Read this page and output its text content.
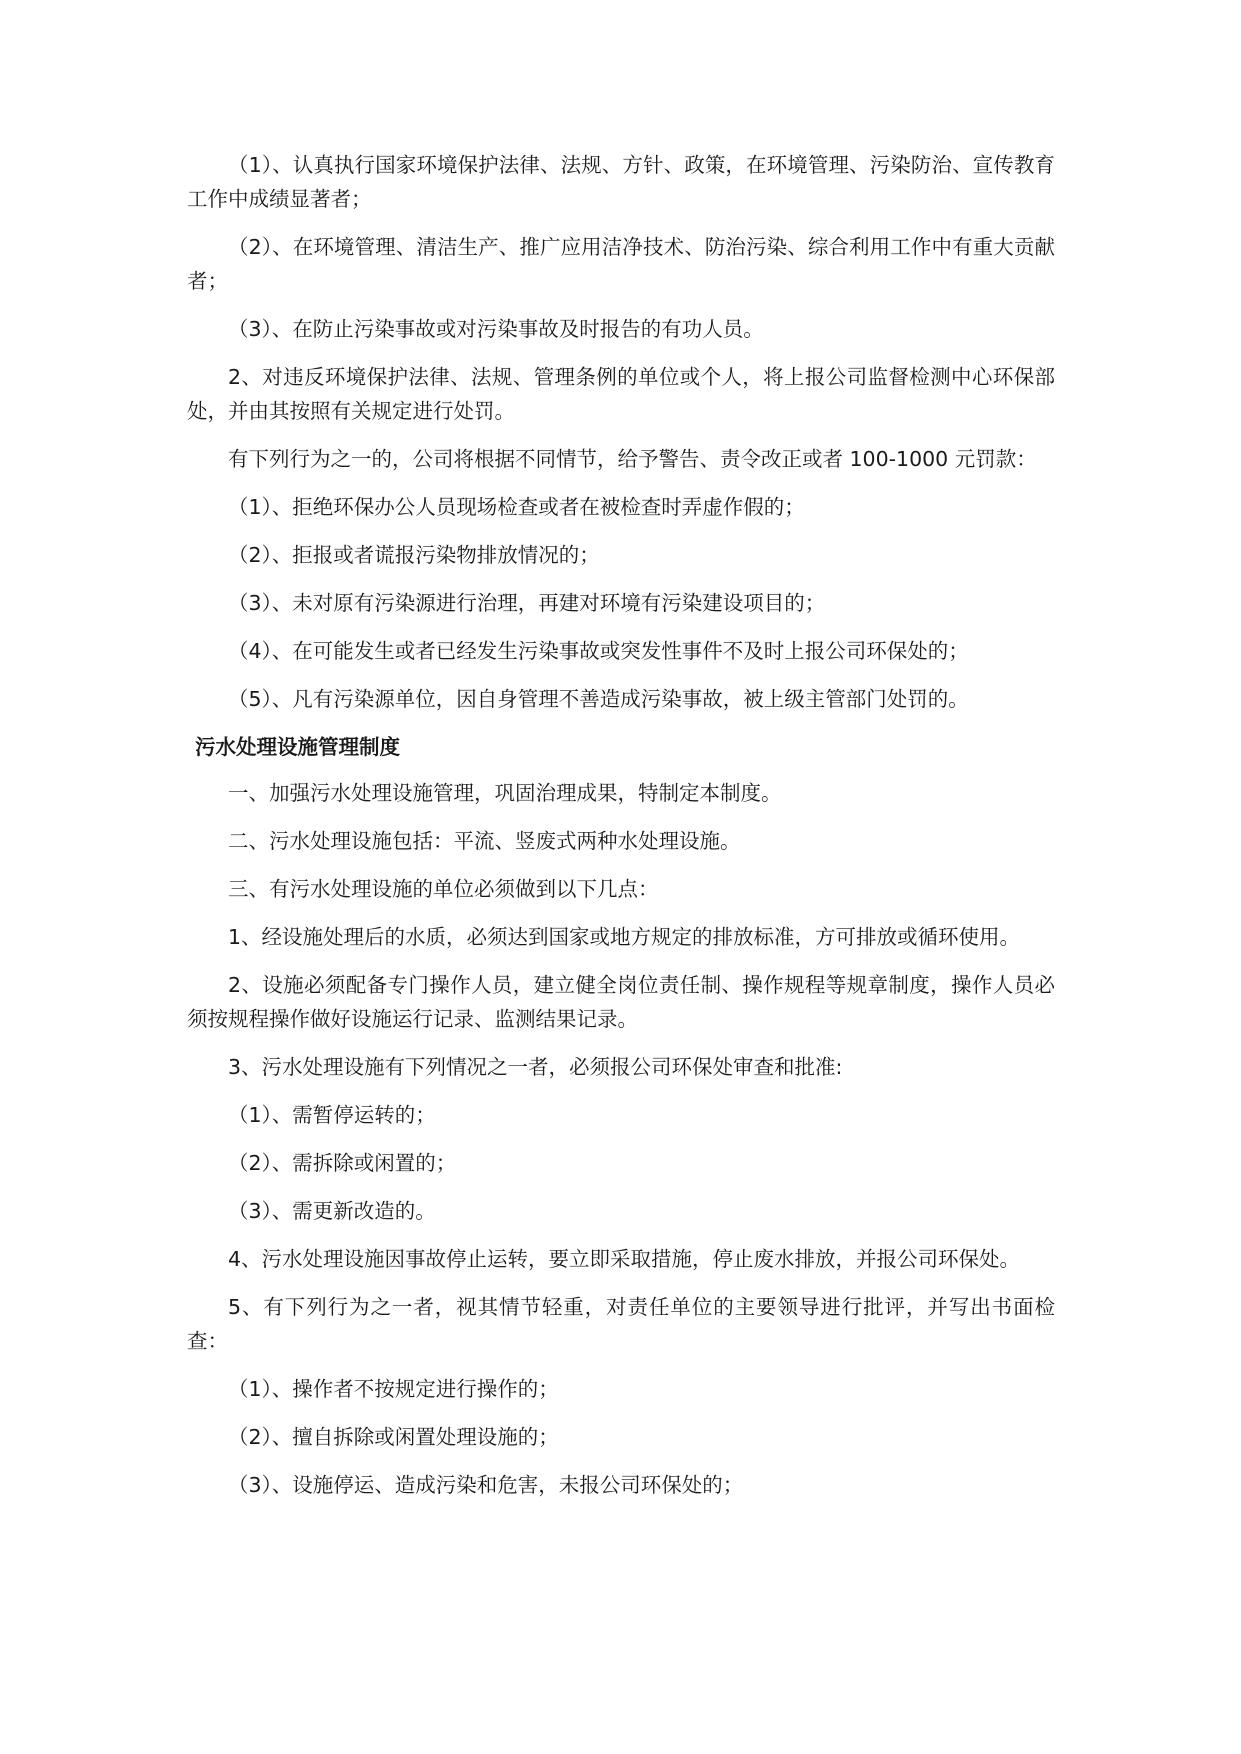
（1）、认真执行国家环境保护法律、法规、方针、政策，在环境管理、污染防治、宣传教育工作中成绩显著者；

（2）、在环境管理、清洁生产、推广应用洁净技术、防治污染、综合利用工作中有重大贡献者；

（3）、在防止污染事故或对污染事故及时报告的有功人员。

2、对违反环境保护法律、法规、管理条例的单位或个人，将上报公司监督检测中心环保部处，并由其按照有关规定进行处罚。

有下列行为之一的，公司将根据不同情节，给予警告、责令改正或者 100-1000 元罚款：

（1）、拒绝环保办公人员现场检查或者在被检查时弄虚作假的；

（2）、拒报或者谎报污染物排放情况的；

（3）、未对原有污染源进行治理，再建对环境有污染建设项目的；

（4）、在可能发生或者已经发生污染事故或突发性事件不及时上报公司环保处的；

（5）、凡有污染源单位，因自身管理不善造成污染事故，被上级主管部门处罚的。

污水处理设施管理制度

一、加强污水处理设施管理，巩固治理成果，特制定本制度。

二、污水处理设施包括：平流、竖废式两种水处理设施。

三、有污水处理设施的单位必须做到以下几点：

1、经设施处理后的水质，必须达到国家或地方规定的排放标准，方可排放或循环使用。

2、设施必须配备专门操作人员，建立健全岗位责任制、操作规程等规章制度，操作人员必须按规程操作做好设施运行记录、监测结果记录。

3、污水处理设施有下列情况之一者，必须报公司环保处审查和批准:

（1）、需暂停运转的；

（2）、需拆除或闲置的；

（3）、需更新改造的。

4、污水处理设施因事故停止运转，要立即采取措施，停止废水排放，并报公司环保处。

5、有下列行为之一者，视其情节轻重，对责任单位的主要领导进行批评，并写出书面检查：

（1）、操作者不按规定进行操作的；

（2）、擅自拆除或闲置处理设施的；

（3）、设施停运、造成污染和危害，未报公司环保处的；
